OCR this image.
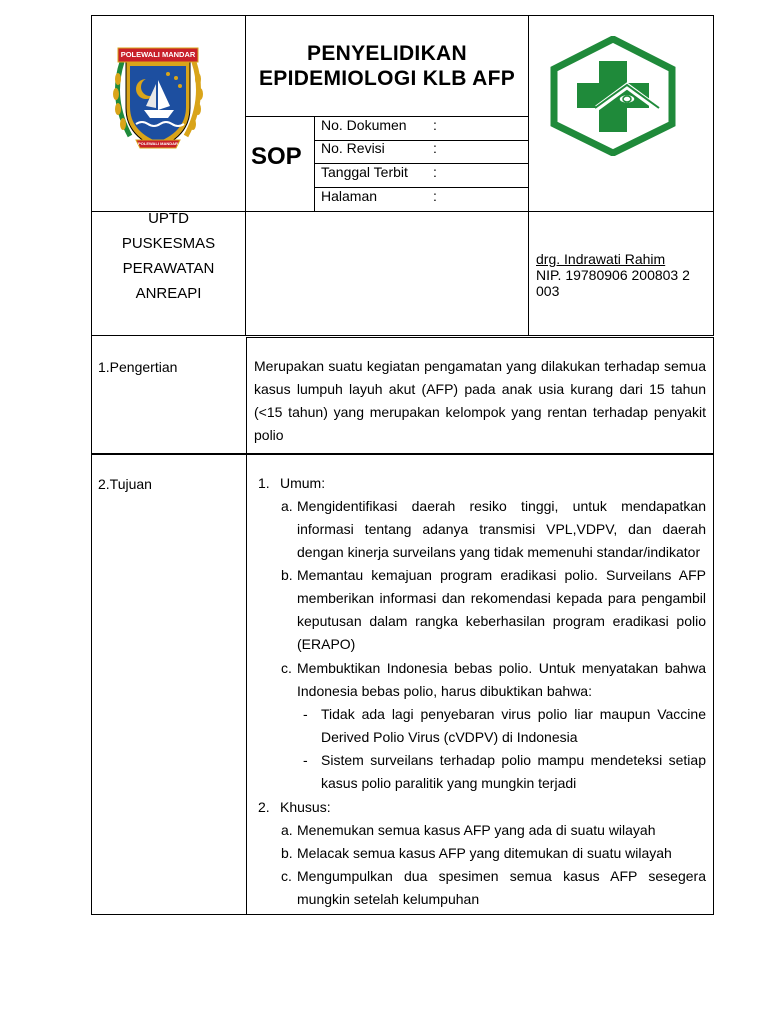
POLEWALI MANDAR
POLEWALI MANDAR
PENYELIDIKAN EPIDEMIOLOGI KLB AFP
SOP
No. Dokumen :
No. Revisi	:
Tanggal Terbit :
Halaman	:
UPTD
PUSKESMAS
PERAWATAN
ANREAPI
drg. Indrawati Rahim
NIP. 19780906 200803 2 003
1.Pengertian	Merupakan suatu kegiatan pengamatan yang dilakukan terhadap semua kasus lumpuh layuh akut (AFP) pada anak usia kurang dari 15 tahun (<15 tahun) yang merupakan kelompok yang rentan terhadap penyakit polio
2.Tujuan	1. Umum:
a. Mengidentifikasi daerah resiko tinggi, untuk mendapatkan informasi tentang adanya transmisi VPL,VDPV, dan daerah dengan kinerja surveilans yang tidak memenuhi standar/indikator
b. Memantau kemajuan program eradikasi polio. Surveilans AFP memberikan informasi dan rekomendasi kepada para pengambil keputusan dalam rangka keberhasilan program eradikasi polio (ERAPO)
c. Membuktikan Indonesia bebas polio. Untuk menyatakan bahwa Indonesia bebas polio, harus dibuktikan bahwa:
- Tidak ada lagi penyebaran virus polio liar maupun Vaccine Derived Polio Virus (cVDPV) di Indonesia
- Sistem surveilans terhadap polio mampu mendeteksi setiap kasus polio paralitik yang mungkin terjadi
2. Khusus:
a. Menemukan semua kasus AFP yang ada di suatu wilayah
b. Melacak semua kasus AFP yang ditemukan di suatu wilayah
c. Mengumpulkan dua spesimen semua kasus AFP sesegera mungkin setelah kelumpuhan
